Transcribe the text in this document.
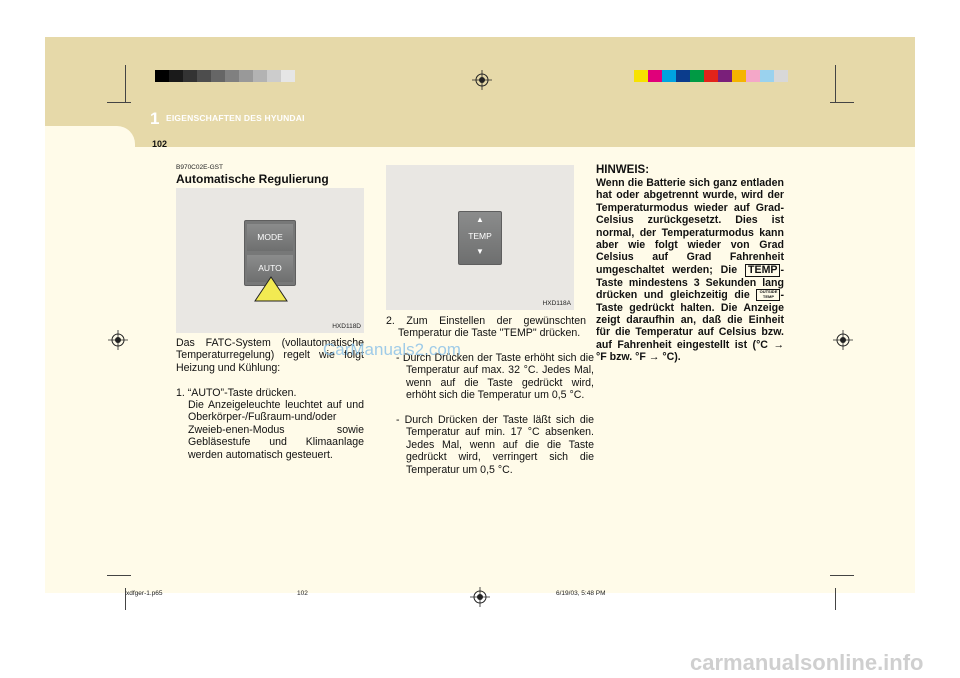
1 EIGENSCHAFTEN DES HYUNDAI
102
B970C02E-GST
Automatische Regulierung
MODE
AUTO
HXD118D
Das FATC-System (vollautomatische Temperaturregelung) regelt wie folgt Heizung und Kühlung:
1. “AUTO”-Taste drücken.
Die Anzeigeleuchte leuchtet auf und Oberkörper-/Fußraum-und/oder Zweieb-enen-Modus sowie Gebläsestufe und Klimaanlage werden automatisch gesteuert.
▲
TEMP
▼
HXD118A
2. Zum Einstellen der gewünschten Temperatur die Taste "TEMP" drücken.
- Durch Drücken der Taste erhöht sich die Temperatur auf max. 32 °C. Jedes Mal, wenn auf die Taste gedrückt wird, erhöht sich die Temperatur um 0,5 °C.
- Durch Drücken der Taste läßt sich die Temperatur auf min. 17 °C absenken. Jedes Mal, wenn auf die die Taste gedrückt wird, verringert sich die Temperatur um 0,5 °C.
HINWEIS:
Wenn die Batterie sich ganz entladen hat oder abgetrennt wurde, wird der Temperaturmodus wieder auf Grad-Celsius zurückgesetzt. Dies ist normal, der Temperaturmodus kann aber wie folgt wieder von Grad Celsius auf Grad Fahrenheit umgeschaltet werden; Die TEMP -Taste mindestens 3 Sekunden lang drücken und gleichzeitig die OUTSIDE
TEMP -Taste gedrückt halten. Die Anzeige zeigt daraufhin an, daß die Einheit für die Temperatur auf Celsius bzw. auf Fahrenheit eingestellt ist (°C → °F bzw. °F → °C).
CarManuals2.com
xdfger-1.p65	102	6/19/03, 5:48 PM
carmanualsonline.info
